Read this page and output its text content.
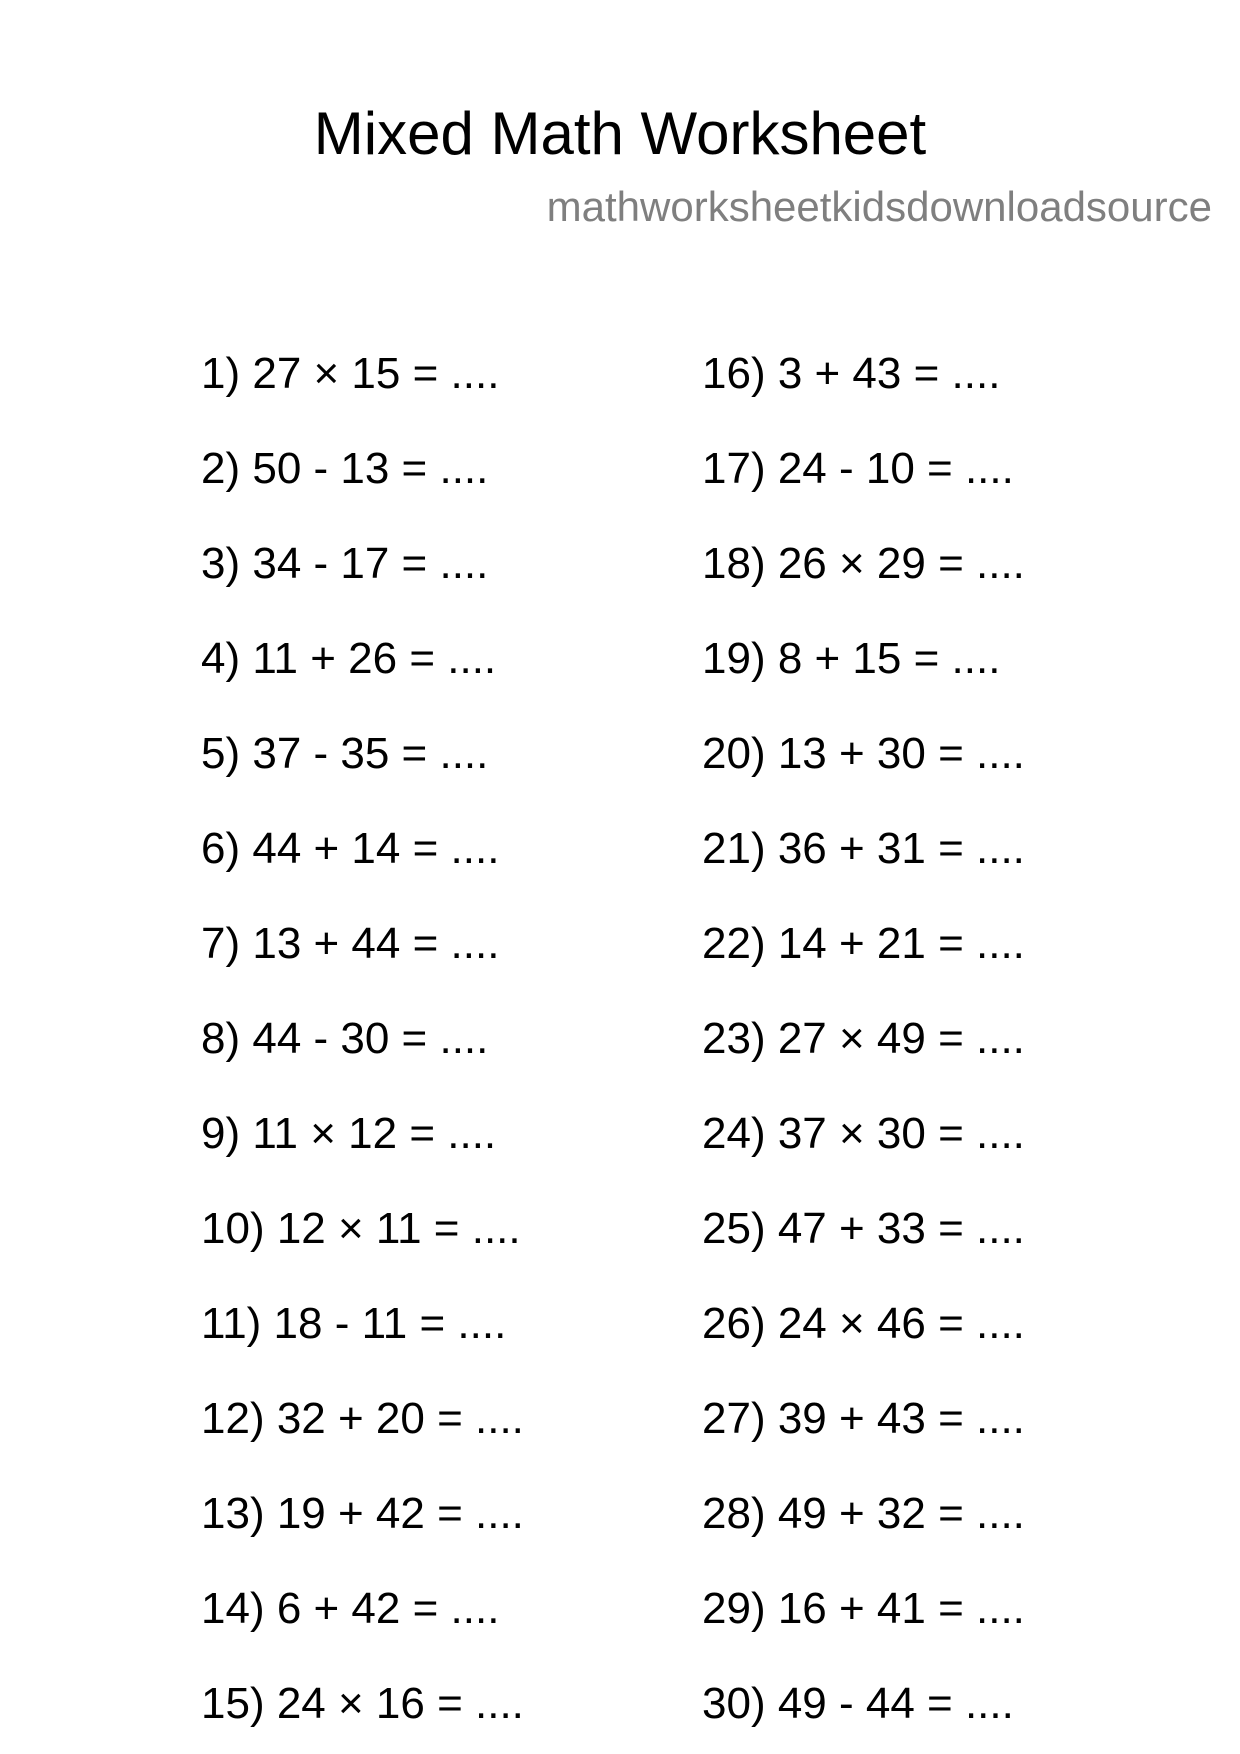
Mixed Math Worksheet
mathworksheetkidsdownloadsource
1) 27 × 15 = ....
2) 50 - 13 = ....
3) 34 - 17 = ....
4) 11 + 26 = ....
5) 37 - 35 = ....
6) 44 + 14 = ....
7) 13 + 44 = ....
8) 44 - 30 = ....
9) 11 × 12 = ....
10) 12 × 11 = ....
11) 18 - 11 = ....
12) 32 + 20 = ....
13) 19 + 42 = ....
14) 6 + 42 = ....
15) 24 × 16 = ....
16) 3 + 43 = ....
17) 24 - 10 = ....
18) 26 × 29 = ....
19) 8 + 15 = ....
20) 13 + 30 = ....
21) 36 + 31 = ....
22) 14 + 21 = ....
23) 27 × 49 = ....
24) 37 × 30 = ....
25) 47 + 33 = ....
26) 24 × 46 = ....
27) 39 + 43 = ....
28) 49 + 32 = ....
29) 16 + 41 = ....
30) 49 - 44 = ....
